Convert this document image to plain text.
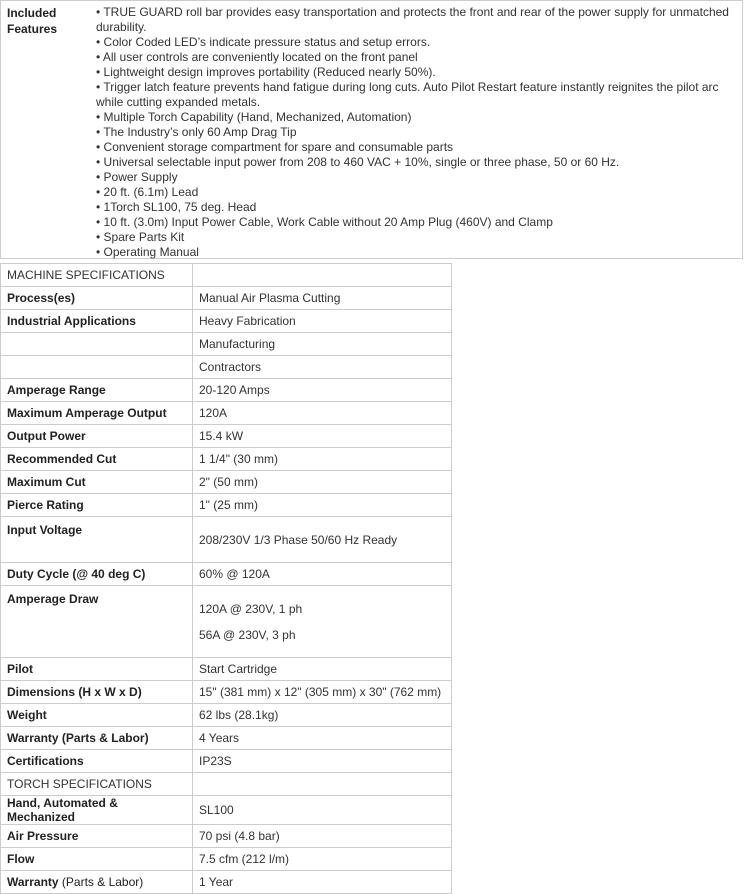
Included Features
• TRUE GUARD roll bar provides easy transportation and protects the front and rear of the power supply for unmatched durability.
• Color Coded LED’s indicate pressure status and setup errors.
• All user controls are conveniently located on the front panel
• Lightweight design improves portability (Reduced nearly 50%).
• Trigger latch feature prevents hand fatigue during long cuts. Auto Pilot Restart feature instantly reignites the pilot arc while cutting expanded metals.
• Multiple Torch Capability (Hand, Mechanized, Automation)
• The Industry’s only 60 Amp Drag Tip
• Convenient storage compartment for spare and consumable parts
• Universal selectable input power from 208 to 460 VAC + 10%, single or three phase, 50 or 60 Hz.
• Power Supply
• 20 ft. (6.1m) Lead
• 1Torch SL100, 75 deg. Head
• 10 ft. (3.0m) Input Power Cable, Work Cable without 20 Amp Plug (460V) and Clamp
• Spare Parts Kit
• Operating Manual
MACHINE SPECIFICATIONS	
Process(es)	Manual Air Plasma Cutting
Industrial Applications	Heavy Fabrication
	Manufacturing
	Contractors
Amperage Range	20-120 Amps
Maximum Amperage Output	120A
Output Power	15.4 kW
Recommended Cut	1 1/4" (30 mm)
Maximum Cut	2" (50 mm)
Pierce Rating	1" (25 mm)
Input Voltage	208/230V 1/3 Phase 50/60 Hz Ready
Duty Cycle (@ 40 deg C)	60% @ 120A
Amperage Draw	120A @ 230V, 1 ph
56A @ 230V, 3 ph

Pilot	Start Cartridge
Dimensions (H x W x D)	15" (381 mm) x 12" (305 mm) x 30" (762 mm)
Weight	62 lbs (28.1kg)
Warranty (Parts & Labor)	4 Years
Certifications	IP23S
TORCH SPECIFICATIONS	
Hand, Automated & Mechanized	SL100
Air Pressure	70 psi (4.8 bar)
Flow	7.5 cfm (212 l/m)
Warranty (Parts & Labor)	1 Year
